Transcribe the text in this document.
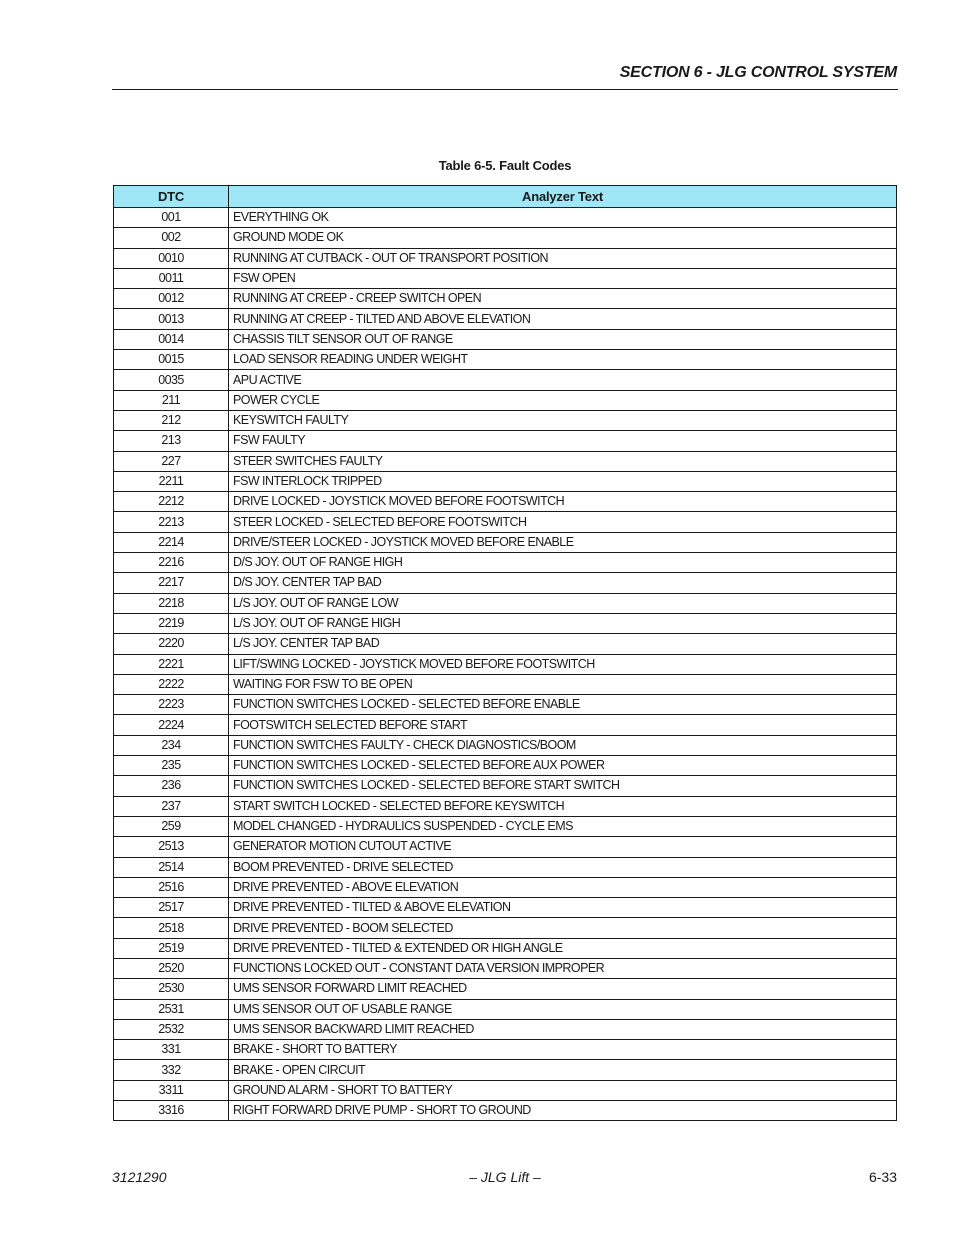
SECTION 6 - JLG CONTROL SYSTEM
Table 6-5. Fault Codes
DTC	Analyzer Text
001	EVERYTHING OK
002	GROUND MODE OK
0010	RUNNING AT CUTBACK - OUT OF TRANSPORT POSITION
0011	FSW OPEN
0012	RUNNING AT CREEP - CREEP SWITCH OPEN
0013	RUNNING AT CREEP - TILTED AND ABOVE ELEVATION
0014	CHASSIS TILT SENSOR OUT OF RANGE
0015	LOAD SENSOR READING UNDER WEIGHT
0035	APU ACTIVE
211	POWER CYCLE
212	KEYSWITCH FAULTY
213	FSW FAULTY
227	STEER SWITCHES FAULTY
2211	FSW INTERLOCK TRIPPED
2212	DRIVE LOCKED - JOYSTICK MOVED BEFORE FOOTSWITCH
2213	STEER LOCKED - SELECTED BEFORE FOOTSWITCH
2214	DRIVE/STEER LOCKED - JOYSTICK MOVED BEFORE ENABLE
2216	D/S JOY. OUT OF RANGE HIGH
2217	D/S JOY. CENTER TAP BAD
2218	L/S JOY. OUT OF RANGE LOW
2219	L/S JOY. OUT OF RANGE HIGH
2220	L/S JOY. CENTER TAP BAD
2221	LIFT/SWING LOCKED - JOYSTICK MOVED BEFORE FOOTSWITCH
2222	WAITING FOR FSW TO BE OPEN
2223	FUNCTION SWITCHES LOCKED - SELECTED BEFORE ENABLE
2224	FOOTSWITCH SELECTED BEFORE START
234	FUNCTION SWITCHES FAULTY - CHECK DIAGNOSTICS/BOOM
235	FUNCTION SWITCHES LOCKED - SELECTED BEFORE AUX POWER
236	FUNCTION SWITCHES LOCKED - SELECTED BEFORE START SWITCH
237	START SWITCH LOCKED - SELECTED BEFORE KEYSWITCH
259	MODEL CHANGED - HYDRAULICS SUSPENDED - CYCLE EMS
2513	GENERATOR MOTION CUTOUT ACTIVE
2514	BOOM PREVENTED - DRIVE SELECTED
2516	DRIVE PREVENTED - ABOVE ELEVATION
2517	DRIVE PREVENTED - TILTED & ABOVE ELEVATION
2518	DRIVE PREVENTED - BOOM SELECTED
2519	DRIVE PREVENTED - TILTED & EXTENDED OR HIGH ANGLE
2520	FUNCTIONS LOCKED OUT - CONSTANT DATA VERSION IMPROPER
2530	UMS SENSOR FORWARD LIMIT REACHED
2531	UMS SENSOR OUT OF USABLE RANGE
2532	UMS SENSOR BACKWARD LIMIT REACHED
331	BRAKE - SHORT TO BATTERY
332	BRAKE - OPEN CIRCUIT
3311	GROUND ALARM - SHORT TO BATTERY
3316	RIGHT FORWARD DRIVE PUMP - SHORT TO GROUND
3121290	– JLG Lift –	6-33
